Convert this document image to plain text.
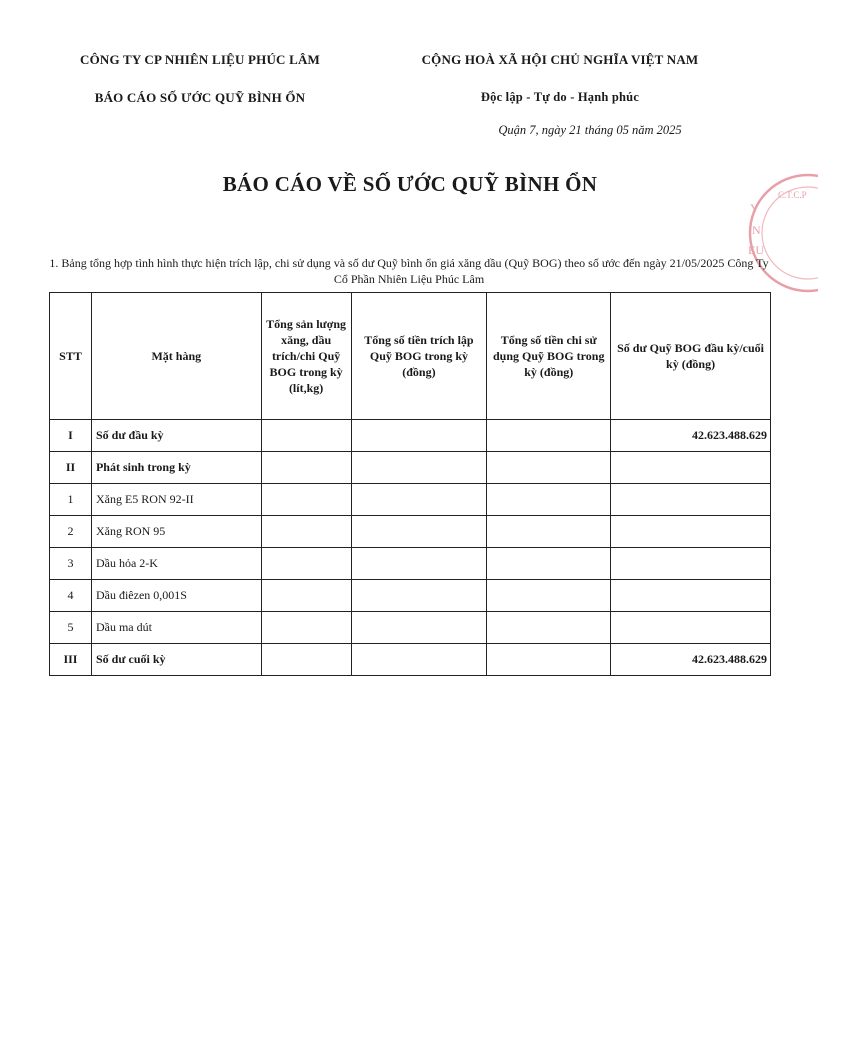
CÔNG TY CP NHIÊN LIỆU PHÚC LÂM
BÁO CÁO SỐ ƯỚC QUỸ BÌNH ỔN
CỘNG HOÀ XÃ HỘI CHỦ NGHĨA VIỆT NAM
Độc lập - Tự do - Hạnh phúc
Quận 7, ngày 21 tháng 05 năm 2025
BÁO CÁO VỀ SỐ ƯỚC QUỸ BÌNH ỔN
Y
N
EU
C.T.C.P
1. Bảng tổng hợp tình hình thực hiện trích lập, chi sử dụng và số dư Quỹ bình ổn giá xăng dầu (Quỹ BOG) theo số ước đến ngày 21/05/2025 Công Ty Cổ Phần Nhiên Liệu Phúc Lâm
STT	Mặt hàng	Tổng sản lượng xăng, dầu trích/chi Quỹ BOG trong kỳ (lít,kg)	Tổng số tiền trích lập Quỹ BOG trong kỳ (đồng)	Tổng số tiền chi sử dụng Quỹ BOG trong kỳ (đồng)	Số dư Quỹ BOG đầu kỳ/cuối kỳ (đồng)
I	Số dư đầu kỳ				42.623.488.629
II	Phát sinh trong kỳ				
1	Xăng E5 RON 92-II				
2	Xăng RON 95				
3	Dầu hỏa 2-K				
4	Dầu điêzen 0,001S				
5	Dầu ma dút				
III	Số dư cuối kỳ				42.623.488.629
